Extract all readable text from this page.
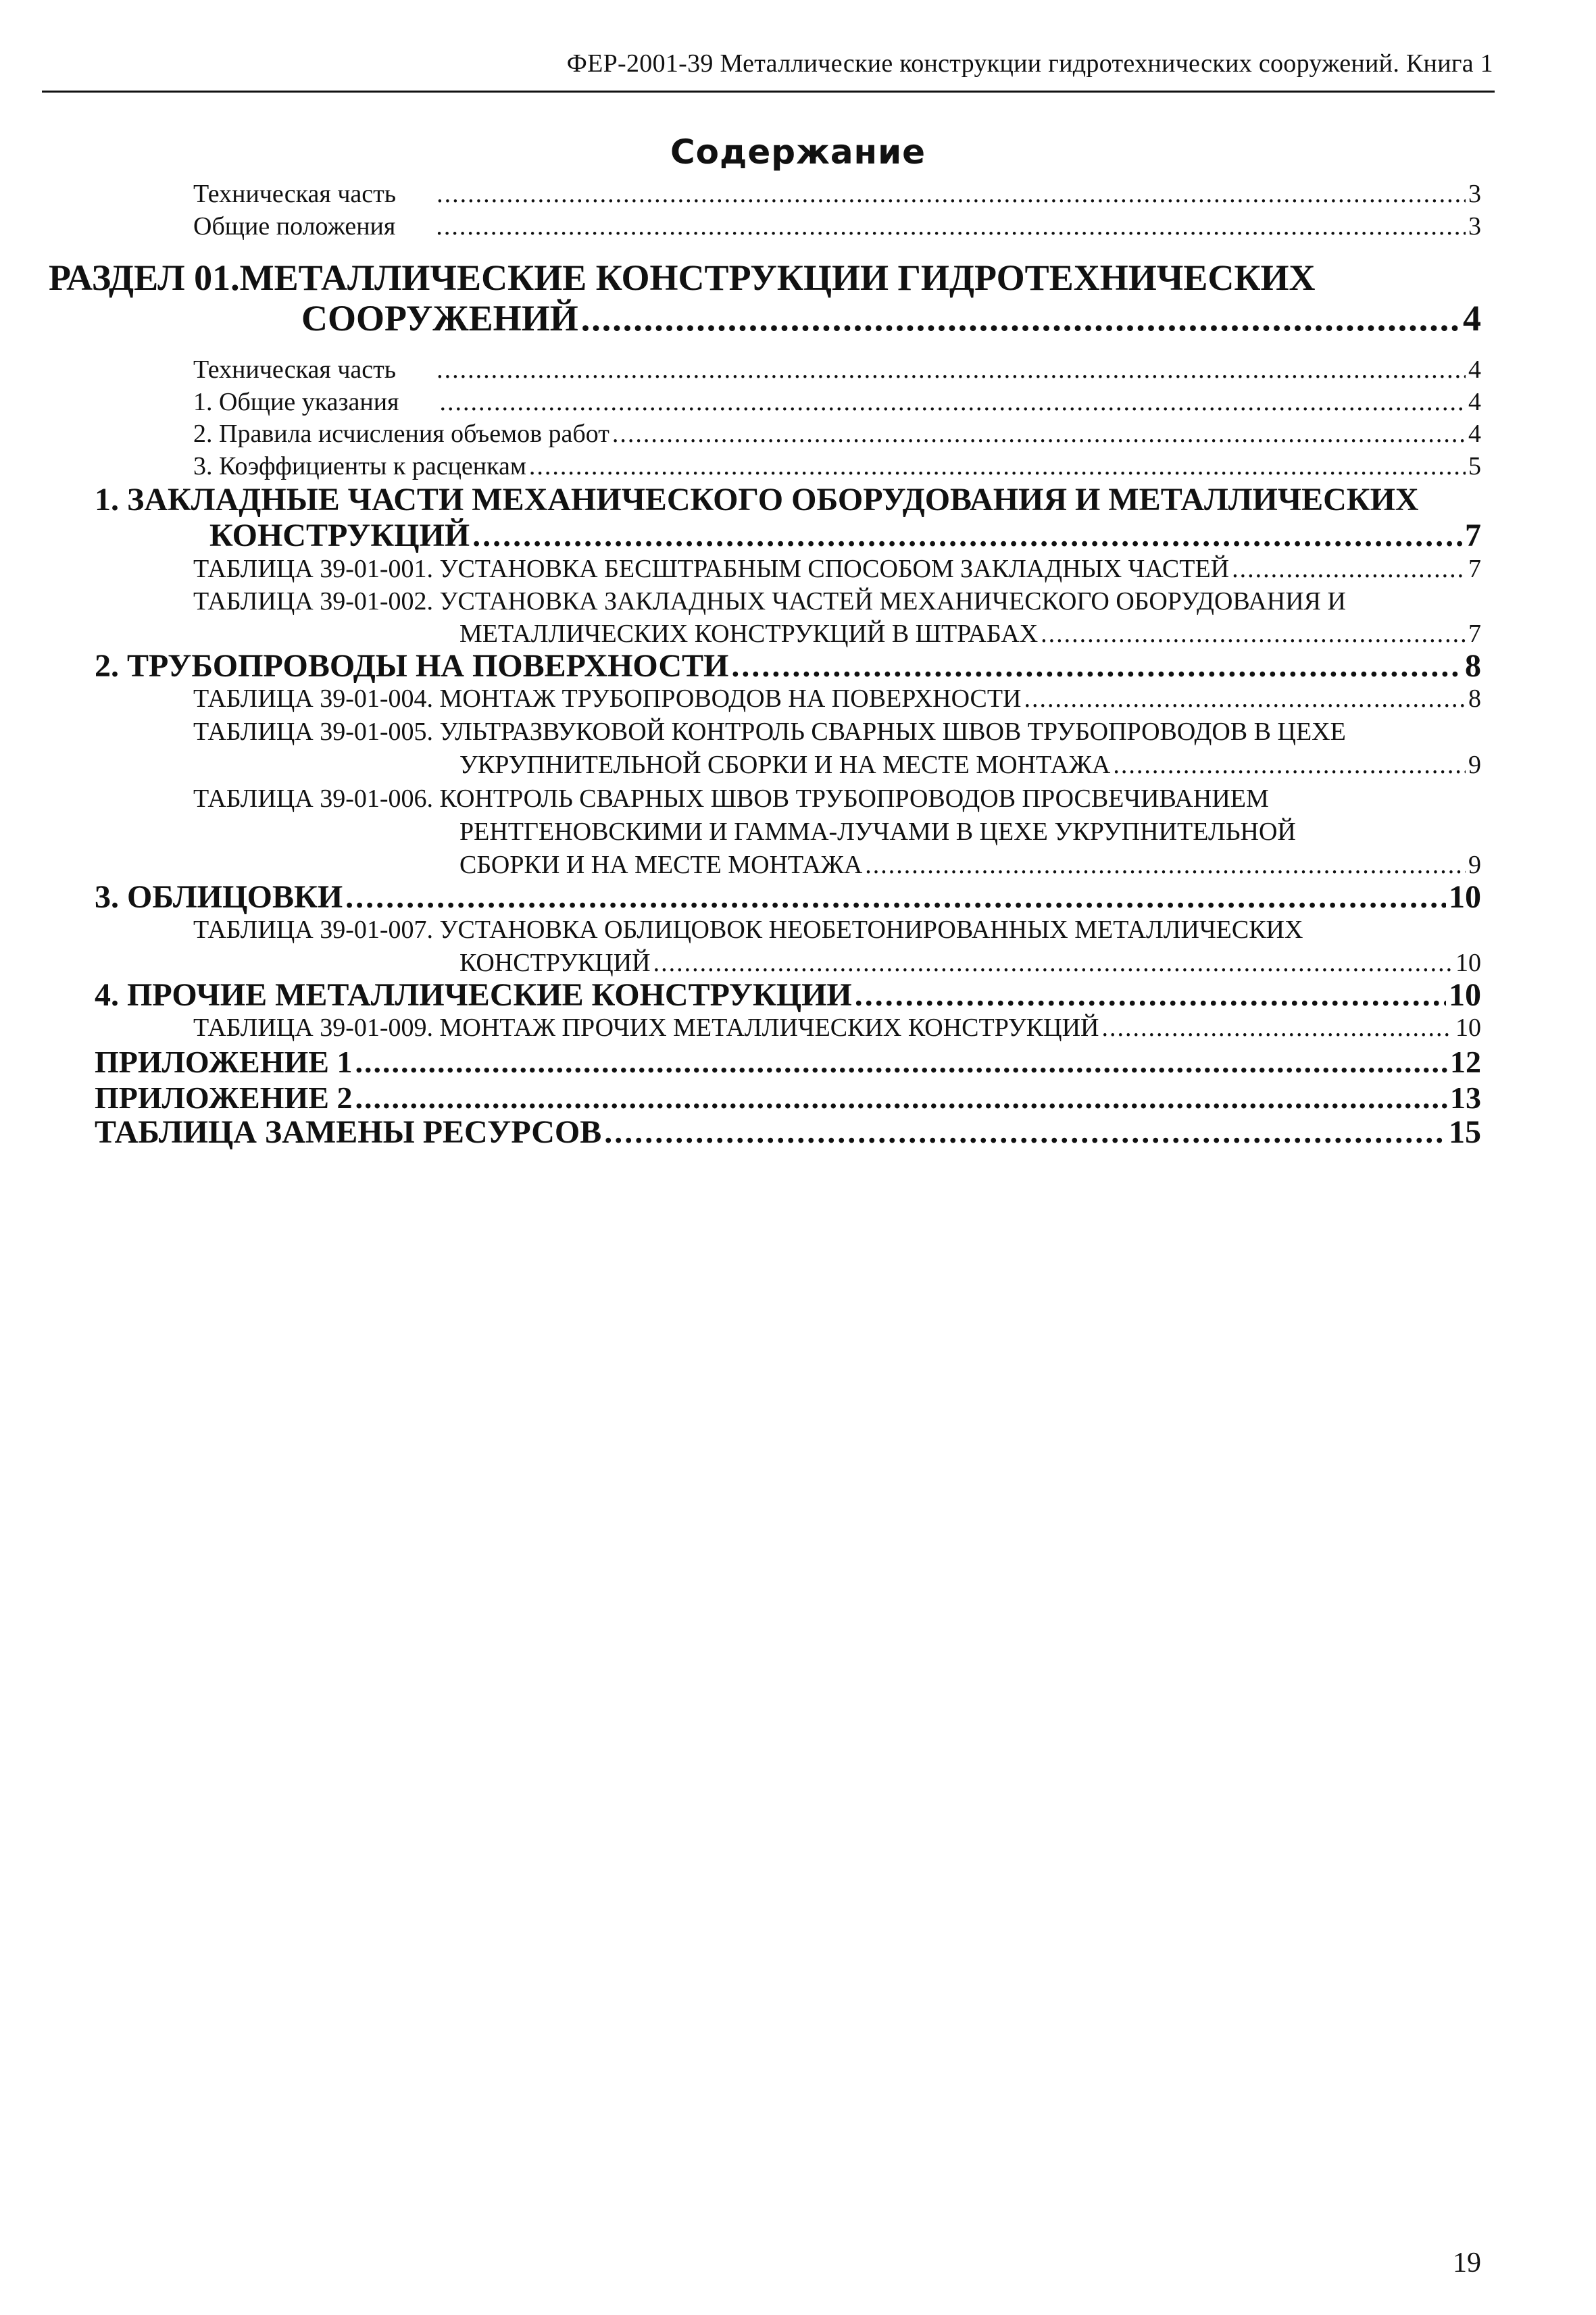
ФЕР-2001-39 Металлические конструкции гидротехнических сооружений. Книга 1
Содержание
Техническая часть .....	3
Общие положения .....	3
РАЗДЕЛ 01.МЕТАЛЛИЧЕСКИЕ КОНСТРУКЦИИ ГИДРОТЕХНИЧЕСКИХ
СООРУЖЕНИЙ .....	4
Техническая часть .....	4
1. Общие указания .....	4
2. Правила исчисления объемов работ .....	4
3. Коэффициенты к расценкам .....	5
1. ЗАКЛАДНЫЕ ЧАСТИ МЕХАНИЧЕСКОГО ОБОРУДОВАНИЯ И МЕТАЛЛИЧЕСКИХ
КОНСТРУКЦИЙ .....	7
ТАБЛИЦА 39-01-001. УСТАНОВКА БЕСШТРАБНЫМ СПОСОБОМ ЗАКЛАДНЫХ ЧАСТЕЙ .....	7
ТАБЛИЦА 39-01-002. УСТАНОВКА ЗАКЛАДНЫХ ЧАСТЕЙ МЕХАНИЧЕСКОГО ОБОРУДОВАНИЯ И
МЕТАЛЛИЧЕСКИХ КОНСТРУКЦИЙ В ШТРАБАХ .....	7
2. ТРУБОПРОВОДЫ НА ПОВЕРХНОСТИ .....	8
ТАБЛИЦА 39-01-004. МОНТАЖ ТРУБОПРОВОДОВ НА ПОВЕРХНОСТИ .....	8
ТАБЛИЦА 39-01-005. УЛЬТРАЗВУКОВОЙ КОНТРОЛЬ СВАРНЫХ ШВОВ ТРУБОПРОВОДОВ В ЦЕХЕ
УКРУПНИТЕЛЬНОЙ СБОРКИ И НА МЕСТЕ МОНТАЖА .....	9
ТАБЛИЦА 39-01-006. КОНТРОЛЬ СВАРНЫХ ШВОВ ТРУБОПРОВОДОВ ПРОСВЕЧИВАНИЕМ
РЕНТГЕНОВСКИМИ И ГАММА-ЛУЧАМИ В ЦЕХЕ УКРУПНИТЕЛЬНОЙ
СБОРКИ И НА МЕСТЕ МОНТАЖА .....	9
3. ОБЛИЦОВКИ .....	10
ТАБЛИЦА 39-01-007. УСТАНОВКА ОБЛИЦОВОК НЕОБЕТОНИРОВАННЫХ МЕТАЛЛИЧЕСКИХ
КОНСТРУКЦИЙ .....	10
4. ПРОЧИЕ МЕТАЛЛИЧЕСКИЕ КОНСТРУКЦИИ .....	10
ТАБЛИЦА 39-01-009. МОНТАЖ ПРОЧИХ МЕТАЛЛИЧЕСКИХ КОНСТРУКЦИЙ .....	10
ПРИЛОЖЕНИЕ 1 .....	12
ПРИЛОЖЕНИЕ 2 .....	13
ТАБЛИЦА ЗАМЕНЫ РЕСУРСОВ .....	15
19
